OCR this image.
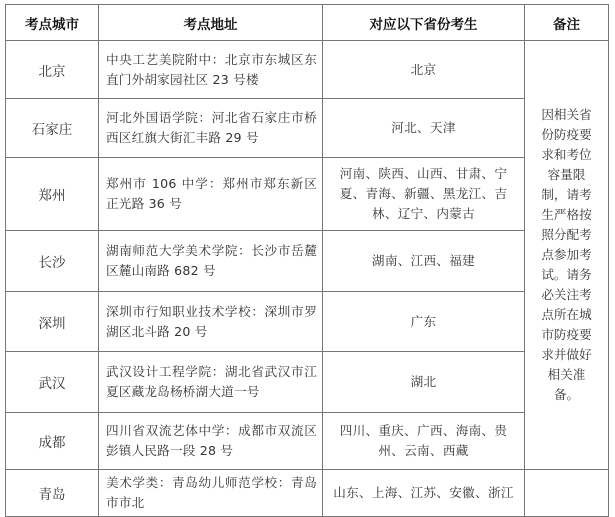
考点城市	考点地址	对应以下省份考生	备注
北京	中央工艺美院附中：北京市东城区东直门外胡家园社区 23 号楼	北京	因相关省份防疫要求和考位容量限制，请考生严格按照分配考点参加考试。请务必关注考点所在城市防疫要求并做好相关准备。
石家庄	河北外国语学院：河北省石家庄市桥西区红旗大街汇丰路 29 号	河北、天津	
郑州	郑州市 106 中学：郑州市郑东新区正光路 36 号	河南、陕西、山西、甘肃、宁夏、青海、新疆、黑龙江、吉林、辽宁、内蒙古	
长沙	湖南师范大学美术学院：长沙市岳麓区麓山南路 682 号	湖南、江西、福建	
深圳	深圳市行知职业技术学校：深圳市罗湖区北斗路 20 号	广东	
武汉	武汉设计工程学院：湖北省武汉市江夏区藏龙岛杨桥湖大道一号	湖北	
成都	四川省双流艺体中学：成都市双流区彭镇人民路一段 28 号	四川、重庆、广西、海南、贵州、云南、西藏	
青岛	美术学类：青岛幼儿师范学校：青岛市市北	山东、上海、江苏、安徽、浙江	
